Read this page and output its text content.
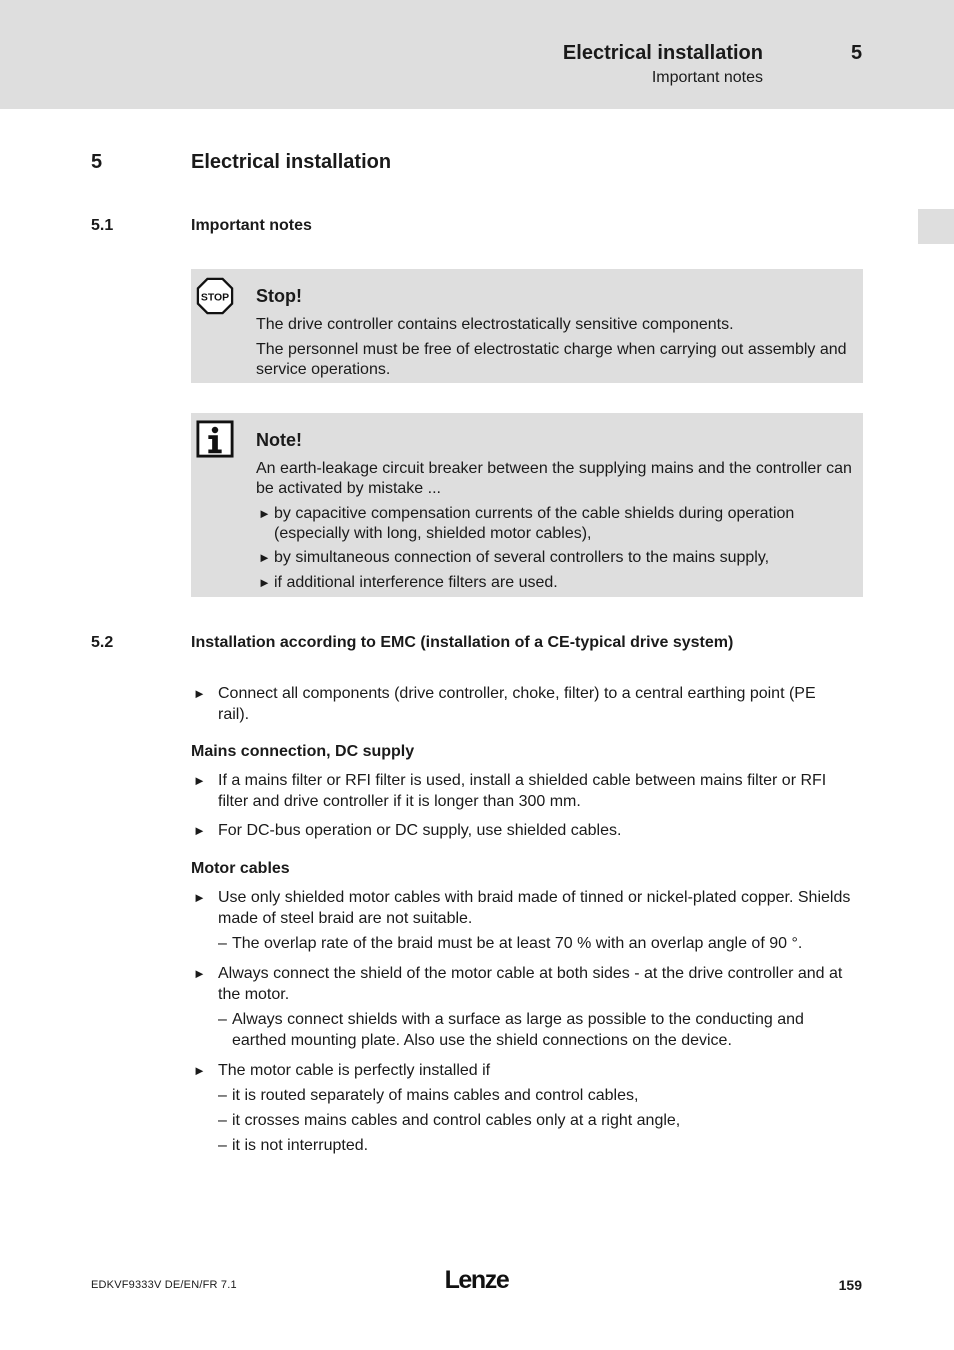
Electrical installation
Important notes
5
5	Electrical installation
5.1	Important notes
STOP Stop!
The drive controller contains electrostatically sensitive components.
The personnel must be free of electrostatic charge when carrying out assembly and service operations.
Note!
An earth-leakage circuit breaker between the supplying mains and the controller can be activated by mistake ...
► by capacitive compensation currents of the cable shields during operation (especially with long, shielded motor cables),
► by simultaneous connection of several controllers to the mains supply,
► if additional interference filters are used.
5.2	Installation according to EMC (installation of a CE-typical drive system)
► Connect all components (drive controller, choke, filter) to a central earthing point (PE rail).
Mains connection, DC supply
► If a mains filter or RFI filter is used, install a shielded cable between mains filter or RFI filter and drive controller if it is longer than 300 mm.
► For DC-bus operation or DC supply, use shielded cables.
Motor cables
► Use only shielded motor cables with braid made of tinned or nickel-plated copper. Shields made of steel braid are not suitable.
– The overlap rate of the braid must be at least 70 % with an overlap angle of 90 °.
► Always connect the shield of the motor cable at both sides - at the drive controller and at the motor.
– Always connect shields with a surface as large as possible to the conducting and earthed mounting plate. Also use the shield connections on the device.
► The motor cable is perfectly installed if
– it is routed separately of mains cables and control cables,
– it crosses mains cables and control cables only at a right angle,
– it is not interrupted.
EDKVF9333V DE/EN/FR 7.1	Lenze	159
